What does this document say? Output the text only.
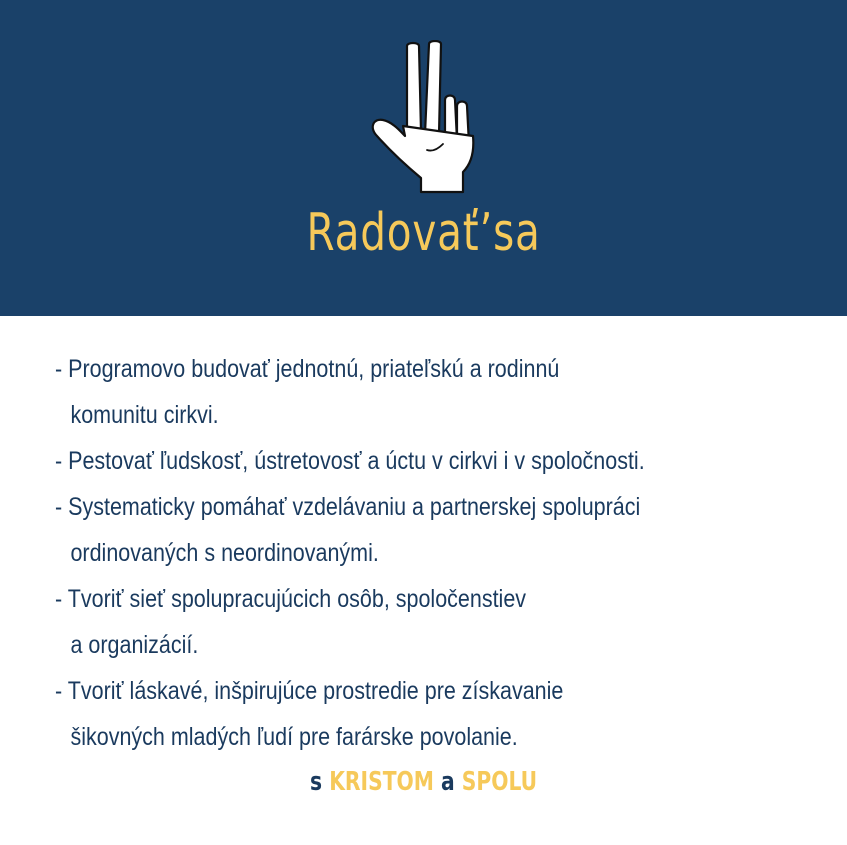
Radovať’sa
- Programovo budovať jednotnú, priateľskú a rodinnú
komunitu cirkvi.
- Pestovať ľudskosť, ústretovosť a úctu v cirkvi i v spoločnosti.
- Systematicky pomáhať vzdelávaniu a partnerskej spolupráci
ordinovaných s neordinovanými.
- Tvoriť sieť spolupracujúcich osôb, spoločenstiev
a organizácií.
- Tvoriť láskavé, inšpirujúce prostredie pre získavanie
šikovných mladých ľudí pre farárske povolanie.
s KRISTOM a SPOLU
